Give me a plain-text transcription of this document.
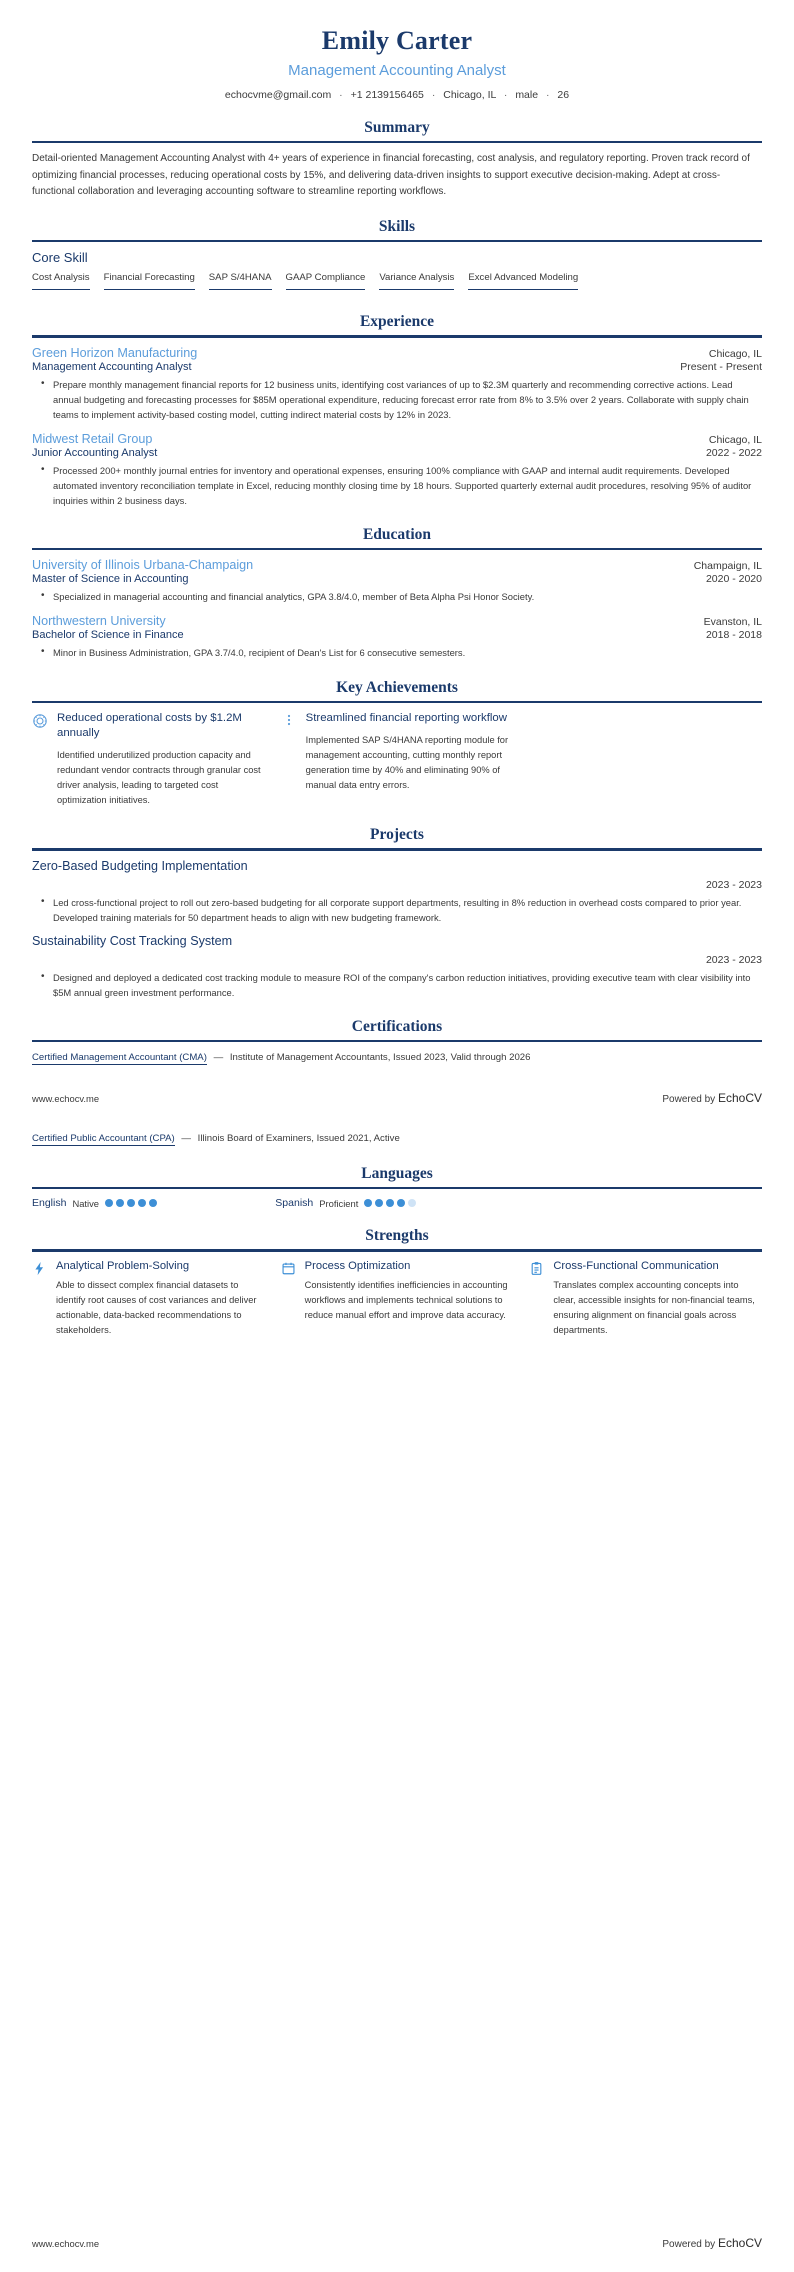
Emily Carter
Management Accounting Analyst
echocvme@gmail.com · +1 2139156465 · Chicago, IL · male · 26
Summary
Detail-oriented Management Accounting Analyst with 4+ years of experience in financial forecasting, cost analysis, and regulatory reporting. Proven track record of optimizing financial processes, reducing operational costs by 15%, and delivering data-driven insights to support executive decision-making. Adept at cross-functional collaboration and leveraging accounting software to streamline reporting workflows.
Skills
Core Skill
Cost Analysis Financial Forecasting SAP S/4HANA GAAP Compliance Variance Analysis Excel Advanced Modeling
Experience
Green Horizon Manufacturing	Chicago, IL
Management Accounting Analyst	Present - Present
• Prepare monthly management financial reports for 12 business units, identifying cost variances of up to $2.3M quarterly and recommending corrective actions. Lead annual budgeting and forecasting processes for $85M operational expenditure, reducing forecast error rate from 8% to 3.5% over 2 years. Collaborate with supply chain teams to implement activity-based costing model, cutting indirect material costs by 12% in 2023.
Midwest Retail Group	Chicago, IL
Junior Accounting Analyst	2022 - 2022
• Processed 200+ monthly journal entries for inventory and operational expenses, ensuring 100% compliance with GAAP and internal audit requirements. Developed automated inventory reconciliation template in Excel, reducing monthly closing time by 18 hours. Supported quarterly external audit procedures, resolving 95% of auditor inquiries within 2 business days.
Education
University of Illinois Urbana-Champaign	Champaign, IL
Master of Science in Accounting	2020 - 2020
• Specialized in managerial accounting and financial analytics, GPA 3.8/4.0, member of Beta Alpha Psi Honor Society.
Northwestern University	Evanston, IL
Bachelor of Science in Finance	2018 - 2018
• Minor in Business Administration, GPA 3.7/4.0, recipient of Dean's List for 6 consecutive semesters.
Key Achievements
Reduced operational costs by $1.2M annually
Identified underutilized production capacity and redundant vendor contracts through granular cost driver analysis, leading to targeted cost optimization initiatives.
Streamlined financial reporting workflow
Implemented SAP S/4HANA reporting module for management accounting, cutting monthly report generation time by 40% and eliminating 90% of manual data entry errors.
Projects
Zero-Based Budgeting Implementation
2023 - 2023
• Led cross-functional project to roll out zero-based budgeting for all corporate support departments, resulting in 8% reduction in overhead costs compared to prior year. Developed training materials for 50 department heads to align with new budgeting framework.
Sustainability Cost Tracking System
2023 - 2023
• Designed and deployed a dedicated cost tracking module to measure ROI of the company's carbon reduction initiatives, providing executive team with clear visibility into $5M annual green investment performance.
Certifications
Certified Management Accountant (CMA) — Institute of Management Accountants, Issued 2023, Valid through 2026
www.echocv.me	Powered by EchoCV
Certified Public Accountant (CPA) — Illinois Board of Examiners, Issued 2021, Active
Languages
English Native	Spanish Proficient
Strengths
Analytical Problem-Solving
Able to dissect complex financial datasets to identify root causes of cost variances and deliver actionable, data-backed recommendations to stakeholders.
Process Optimization
Consistently identifies inefficiencies in accounting workflows and implements technical solutions to reduce manual effort and improve data accuracy.
Cross-Functional Communication
Translates complex accounting concepts into clear, accessible insights for non-financial teams, ensuring alignment on financial goals across departments.
www.echocv.me	Powered by EchoCV
